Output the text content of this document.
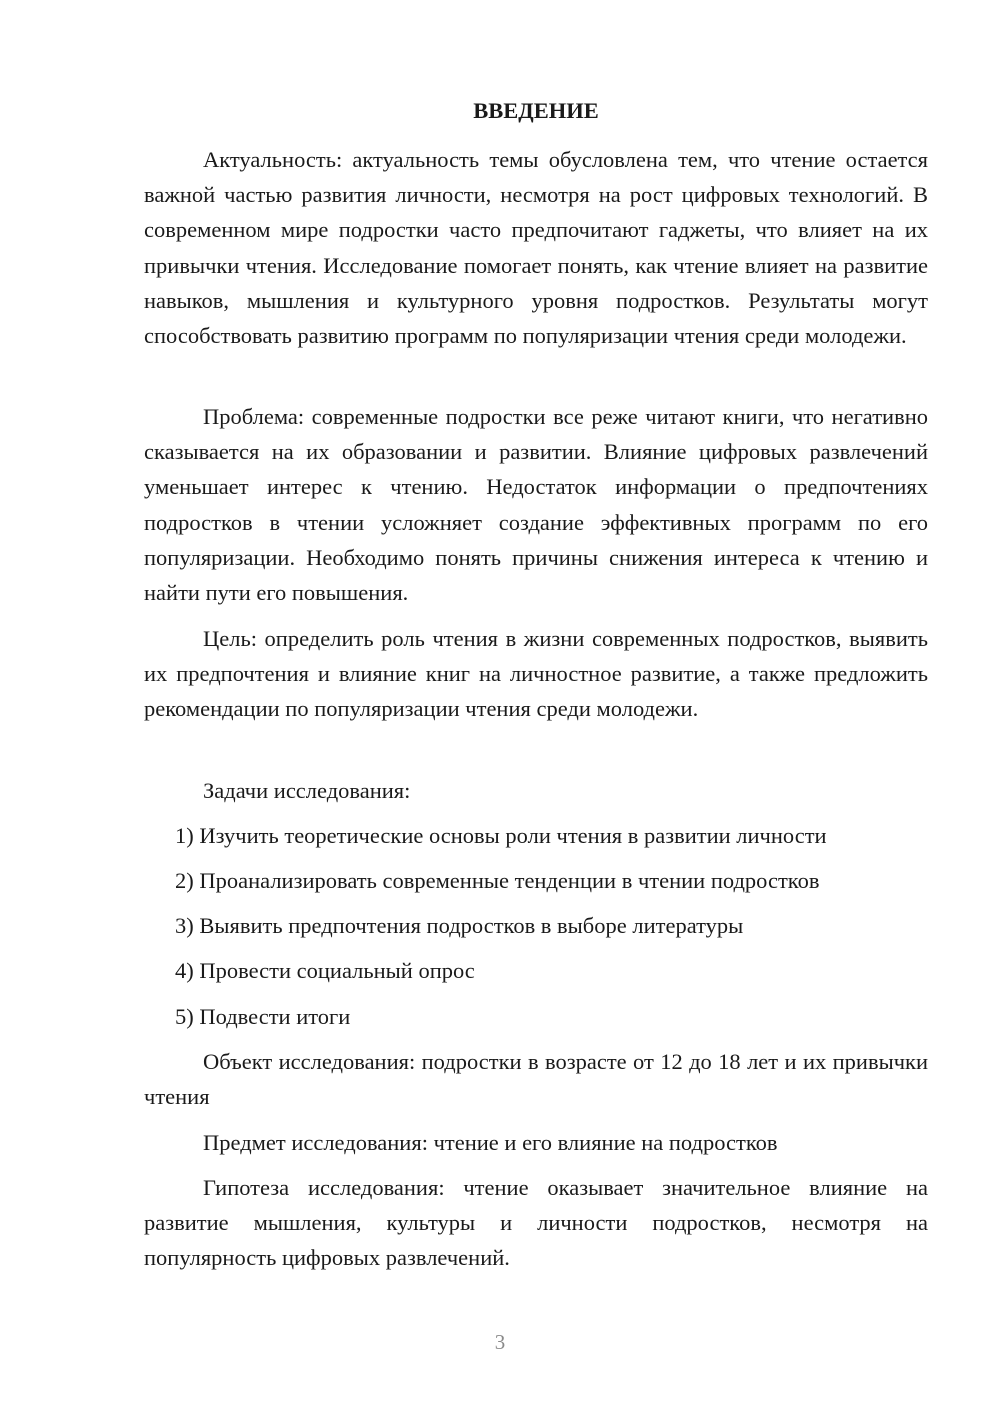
ВВЕДЕНИЕ

Актуальность: актуальность темы обусловлена тем, что чтение остается важной частью развития личности, несмотря на рост цифровых технологий. В современном мире подростки часто предпочитают гаджеты, что влияет на их привычки чтения. Исследование помогает понять, как чтение влияет на развитие навыков, мышления и культурного уровня подростков. Результаты могут способствовать развитию программ по популяризации чтения среди молодежи.

Проблема: современные подростки все реже читают книги, что негативно сказывается на их образовании и развитии. Влияние цифровых развлечений уменьшает интерес к чтению. Недостаток информации о предпочтениях подростков в чтении усложняет создание эффективных программ по его популяризации. Необходимо понять причины снижения интереса к чтению и найти пути его повышения.

Цель: определить роль чтения в жизни современных подростков, выявить их предпочтения и влияние книг на личностное развитие, а также предложить рекомендации по популяризации чтения среди молодежи.

Задачи исследования:

1) Изучить теоретические основы роли чтения в развитии личности
2) Проанализировать современные тенденции в чтении подростков
3) Выявить предпочтения подростков в выборе литературы
4) Провести социальный опрос
5) Подвести итоги

Объект исследования: подростки в возрасте от 12 до 18 лет и их привычки чтения

Предмет исследования: чтение и его влияние на подростков

Гипотеза исследования: чтение оказывает значительное влияние на развитие мышления, культуры и личности подростков, несмотря на популярность цифровых развлечений.

3
